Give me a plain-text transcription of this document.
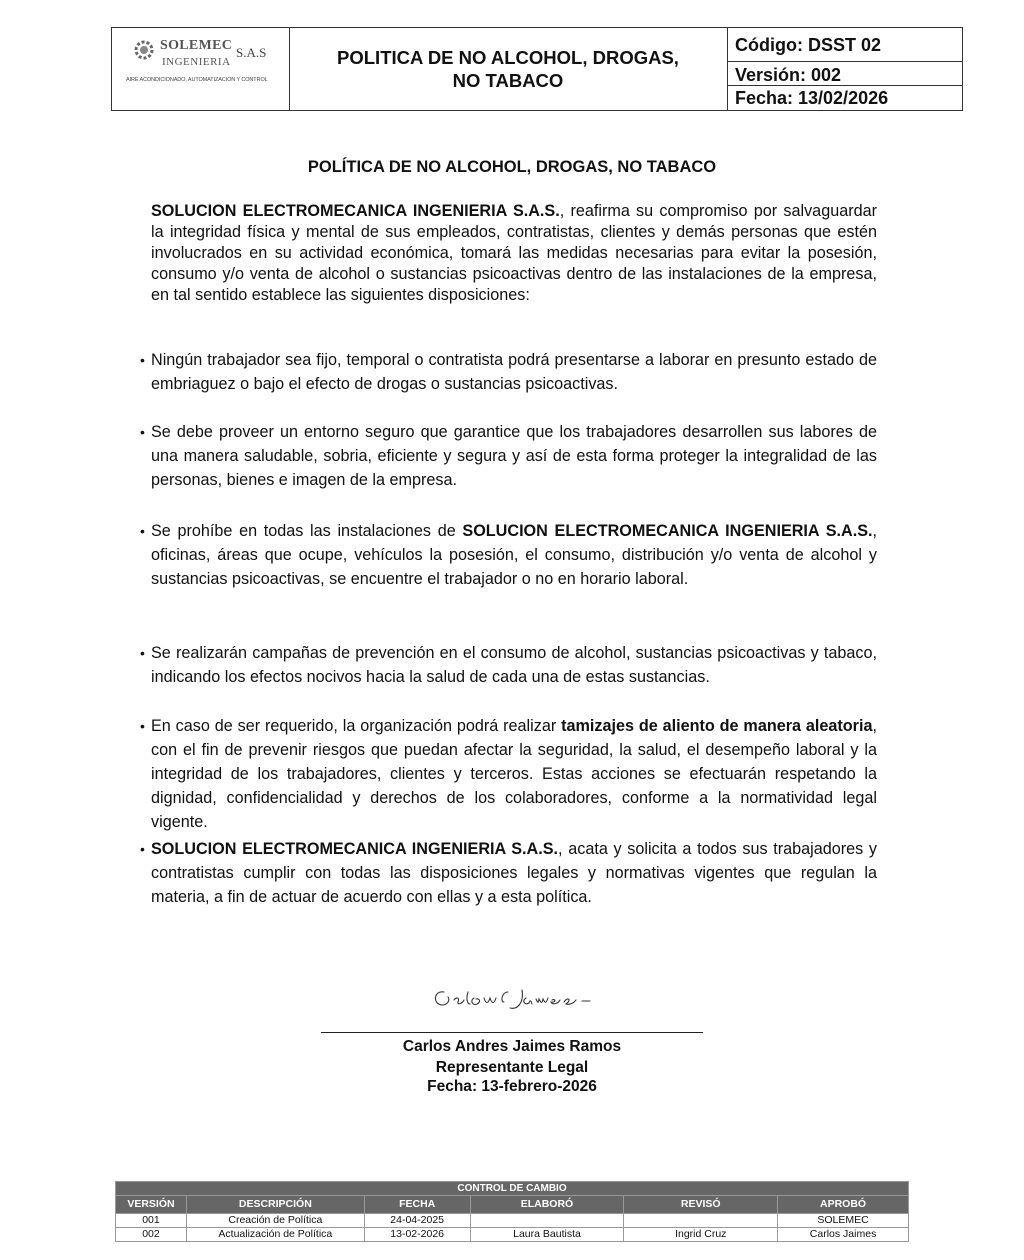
SOLEMEC S.A.S
INGENIERIA
AIRE ACONDICIONADO, AUTOMATIZACION Y CONTROL
POLITICA DE NO ALCOHOL, DROGAS,
NO TABACO
Código: DSST 02
Versión: 002
Fecha: 13/02/2026
POLÍTICA DE NO ALCOHOL, DROGAS, NO TABACO
SOLUCION ELECTROMECANICA INGENIERIA S.A.S., reafirma su compromiso por salvaguardar la integridad física y mental de sus empleados, contratistas, clientes y demás personas que estén involucrados en su actividad económica, tomará las medidas necesarias para evitar la posesión, consumo y/o venta de alcohol o sustancias psicoactivas dentro de las instalaciones de la empresa, en tal sentido establece las siguientes disposiciones:
• Ningún trabajador sea fijo, temporal o contratista podrá presentarse a laborar en presunto estado de embriaguez o bajo el efecto de drogas o sustancias psicoactivas.
• Se debe proveer un entorno seguro que garantice que los trabajadores desarrollen sus labores de una manera saludable, sobria, eficiente y segura y así de esta forma proteger la integralidad de las personas, bienes e imagen de la empresa.
• Se prohíbe en todas las instalaciones de SOLUCION ELECTROMECANICA INGENIERIA S.A.S., oficinas, áreas que ocupe, vehículos la posesión, el consumo, distribución y/o venta de alcohol y sustancias psicoactivas, se encuentre el trabajador o no en horario laboral.
• Se realizarán campañas de prevención en el consumo de alcohol, sustancias psicoactivas y tabaco, indicando los efectos nocivos hacia la salud de cada una de estas sustancias.
• En caso de ser requerido, la organización podrá realizar tamizajes de aliento de manera aleatoria, con el fin de prevenir riesgos que puedan afectar la seguridad, la salud, el desempeño laboral y la integridad de los trabajadores, clientes y terceros. Estas acciones se efectuarán respetando la dignidad, confidencialidad y derechos de los colaboradores, conforme a la normatividad legal vigente.
• SOLUCION ELECTROMECANICA INGENIERIA S.A.S., acata y solicita a todos sus trabajadores y contratistas cumplir con todas las disposiciones legales y normativas vigentes que regulan la materia, a fin de actuar de acuerdo con ellas y a esta política.
Carlos Andres Jaimes Ramos
Representante Legal
Fecha: 13-febrero-2026
CONTROL DE CAMBIO					
VERSIÓN	DESCRIPCIÓN	FECHA	ELABORÓ	REVISÓ	APROBÓ
001	Creación de Política	24-04-2025			SOLEMEC
002	Actualización de Política	13-02-2026	Laura Bautista	Ingrid Cruz	Carlos Jaimes
